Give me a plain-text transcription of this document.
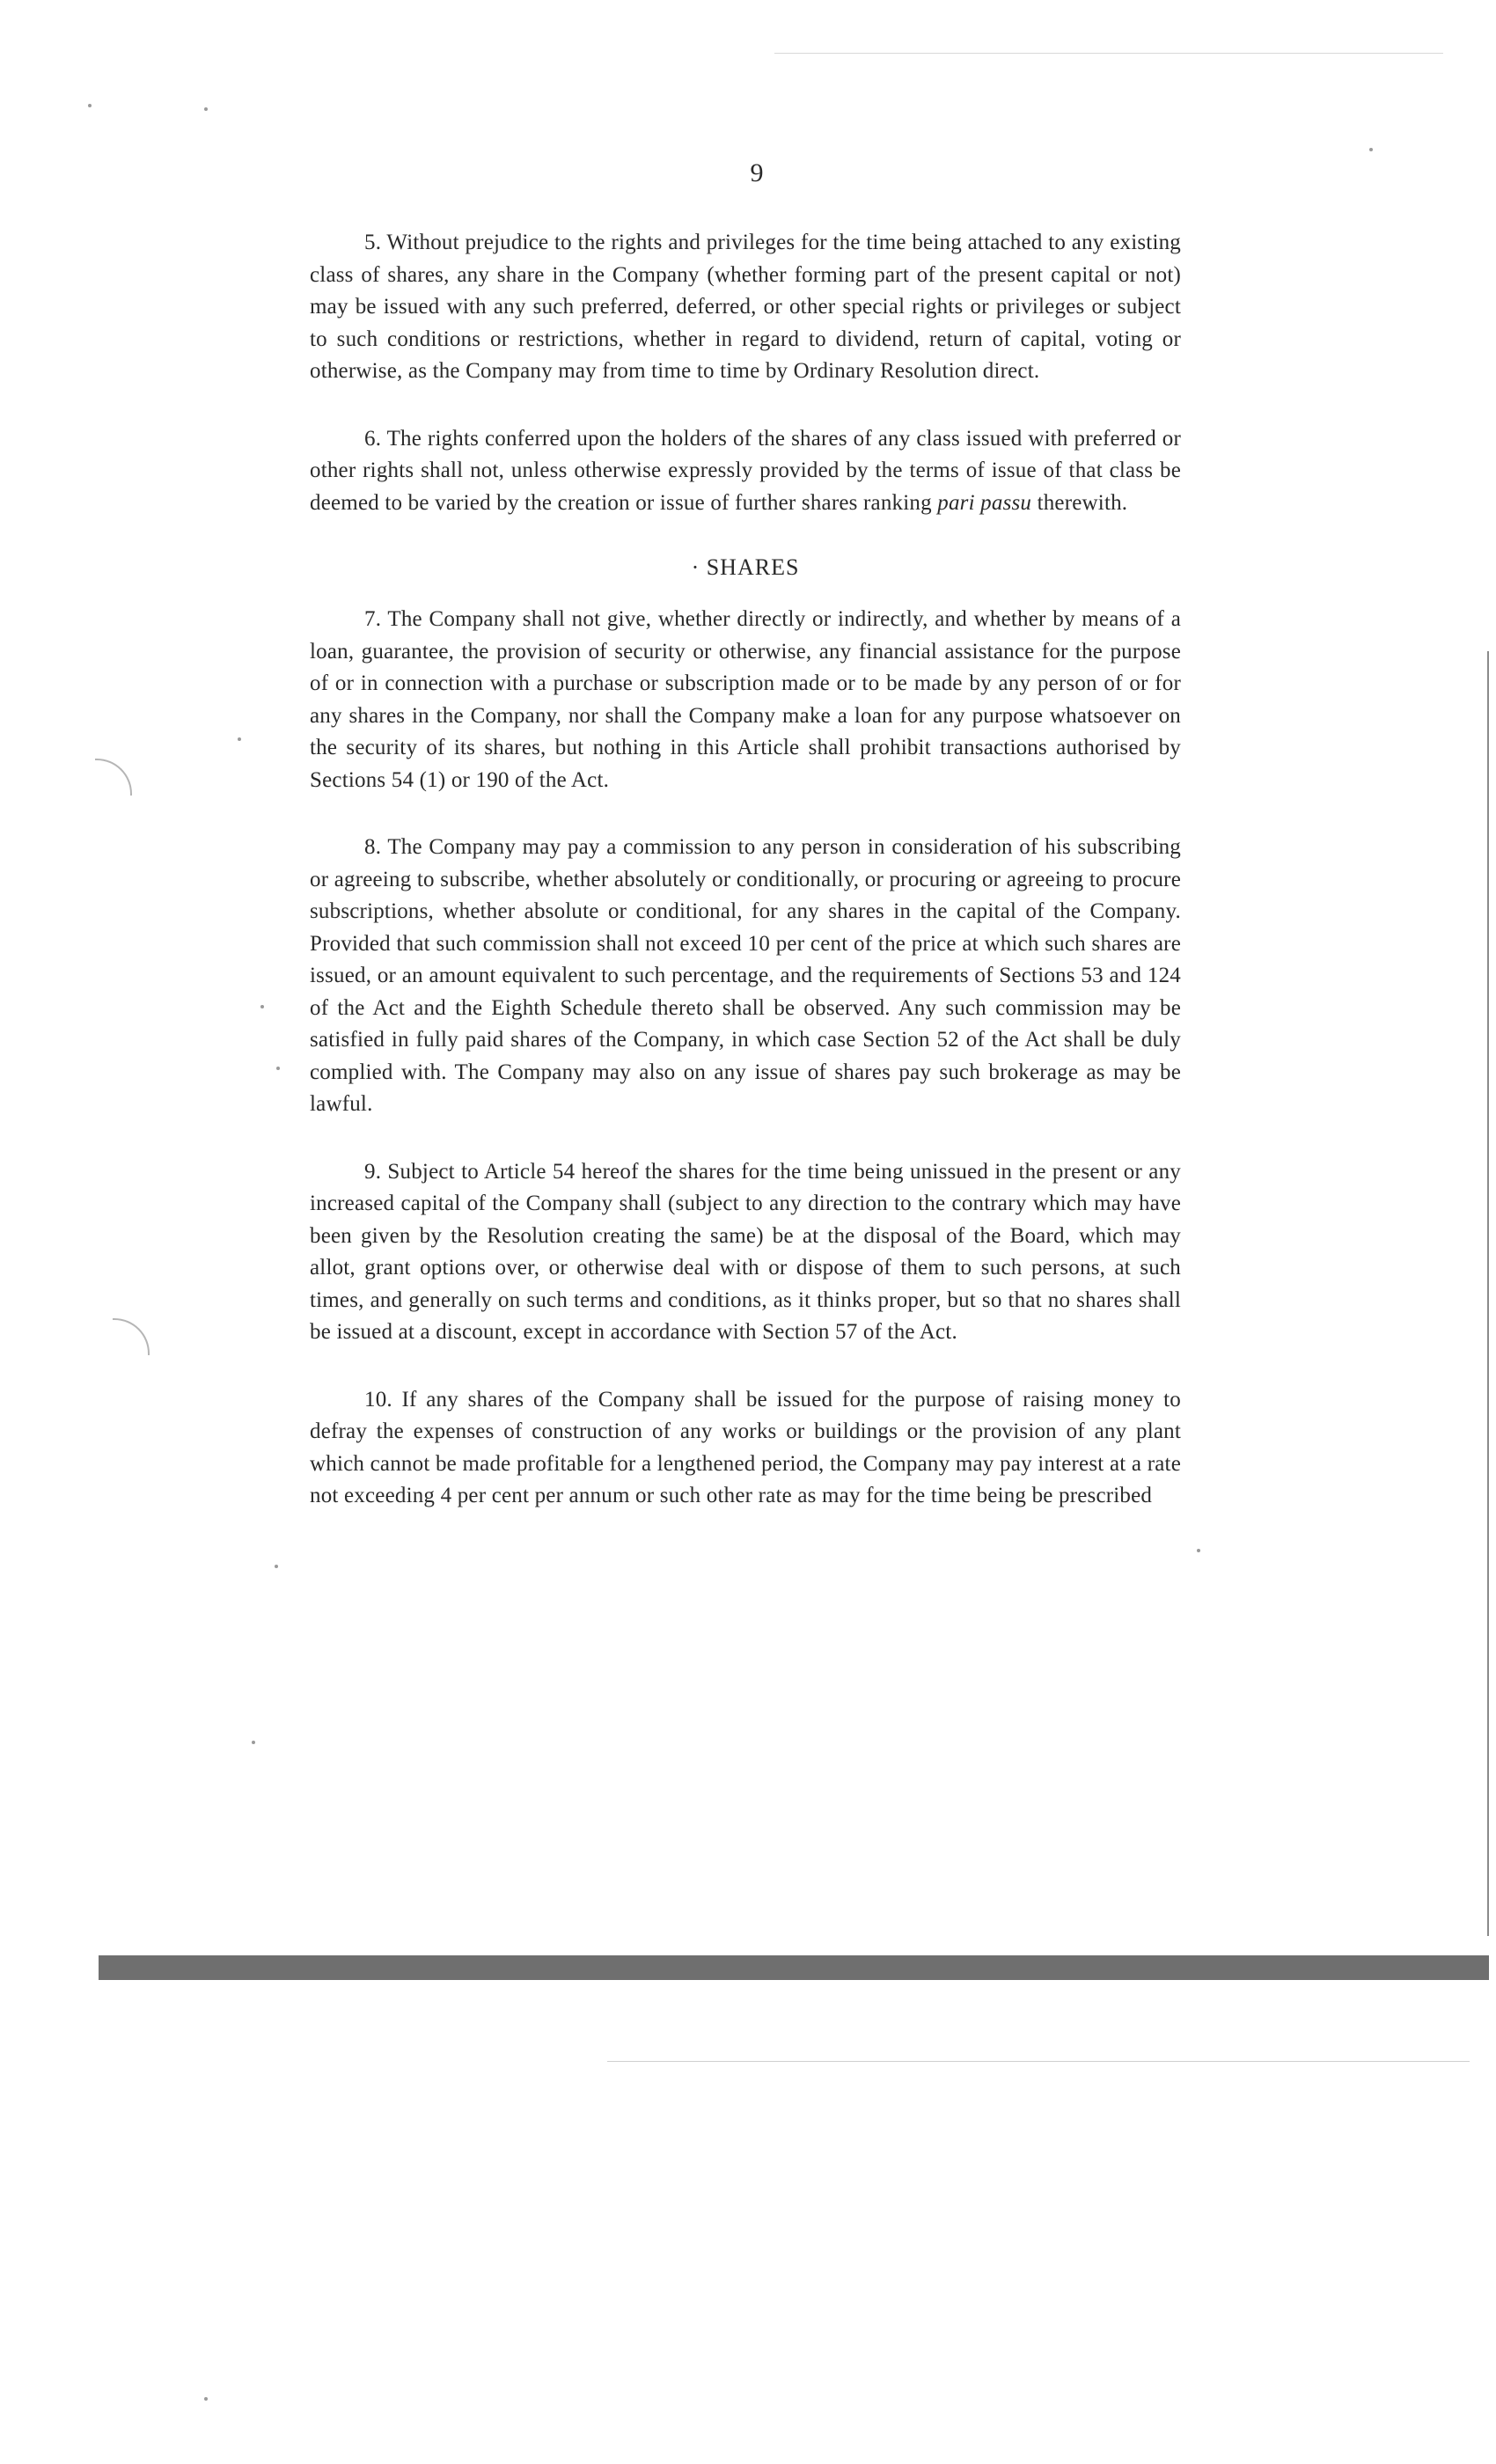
9

5. Without prejudice to the rights and privileges for the time being attached to any existing class of shares, any share in the Company (whether forming part of the present capital or not) may be issued with any such preferred, deferred, or other special rights or privileges or subject to such conditions or restrictions, whether in regard to dividend, return of capital, voting or otherwise, as the Company may from time to time by Ordinary Resolution direct.

6. The rights conferred upon the holders of the shares of any class issued with preferred or other rights shall not, unless otherwise expressly provided by the terms of issue of that class be deemed to be varied by the creation or issue of further shares ranking pari passu therewith.

· SHARES

7. The Company shall not give, whether directly or indirectly, and whether by means of a loan, guarantee, the provision of security or otherwise, any financial assistance for the purpose of or in connection with a purchase or subscription made or to be made by any person of or for any shares in the Company, nor shall the Company make a loan for any purpose whatsoever on the security of its shares, but nothing in this Article shall prohibit transactions authorised by Sections 54 (1) or 190 of the Act.

8. The Company may pay a commission to any person in consideration of his subscribing or agreeing to subscribe, whether absolutely or conditionally, or procuring or agreeing to procure subscriptions, whether absolute or conditional, for any shares in the capital of the Company. Provided that such commission shall not exceed 10 per cent of the price at which such shares are issued, or an amount equivalent to such percentage, and the requirements of Sections 53 and 124 of the Act and the Eighth Schedule thereto shall be observed. Any such commission may be satisfied in fully paid shares of the Company, in which case Section 52 of the Act shall be duly complied with. The Company may also on any issue of shares pay such brokerage as may be lawful.

9. Subject to Article 54 hereof the shares for the time being unissued in the present or any increased capital of the Company shall (subject to any direction to the contrary which may have been given by the Resolution creating the same) be at the disposal of the Board, which may allot, grant options over, or otherwise deal with or dispose of them to such persons, at such times, and generally on such terms and conditions, as it thinks proper, but so that no shares shall be issued at a discount, except in accordance with Section 57 of the Act.

10. If any shares of the Company shall be issued for the purpose of raising money to defray the expenses of construction of any works or buildings or the provision of any plant which cannot be made profitable for a lengthened period, the Company may pay interest at a rate not exceeding 4 per cent per annum or such other rate as may for the time being be prescribed
